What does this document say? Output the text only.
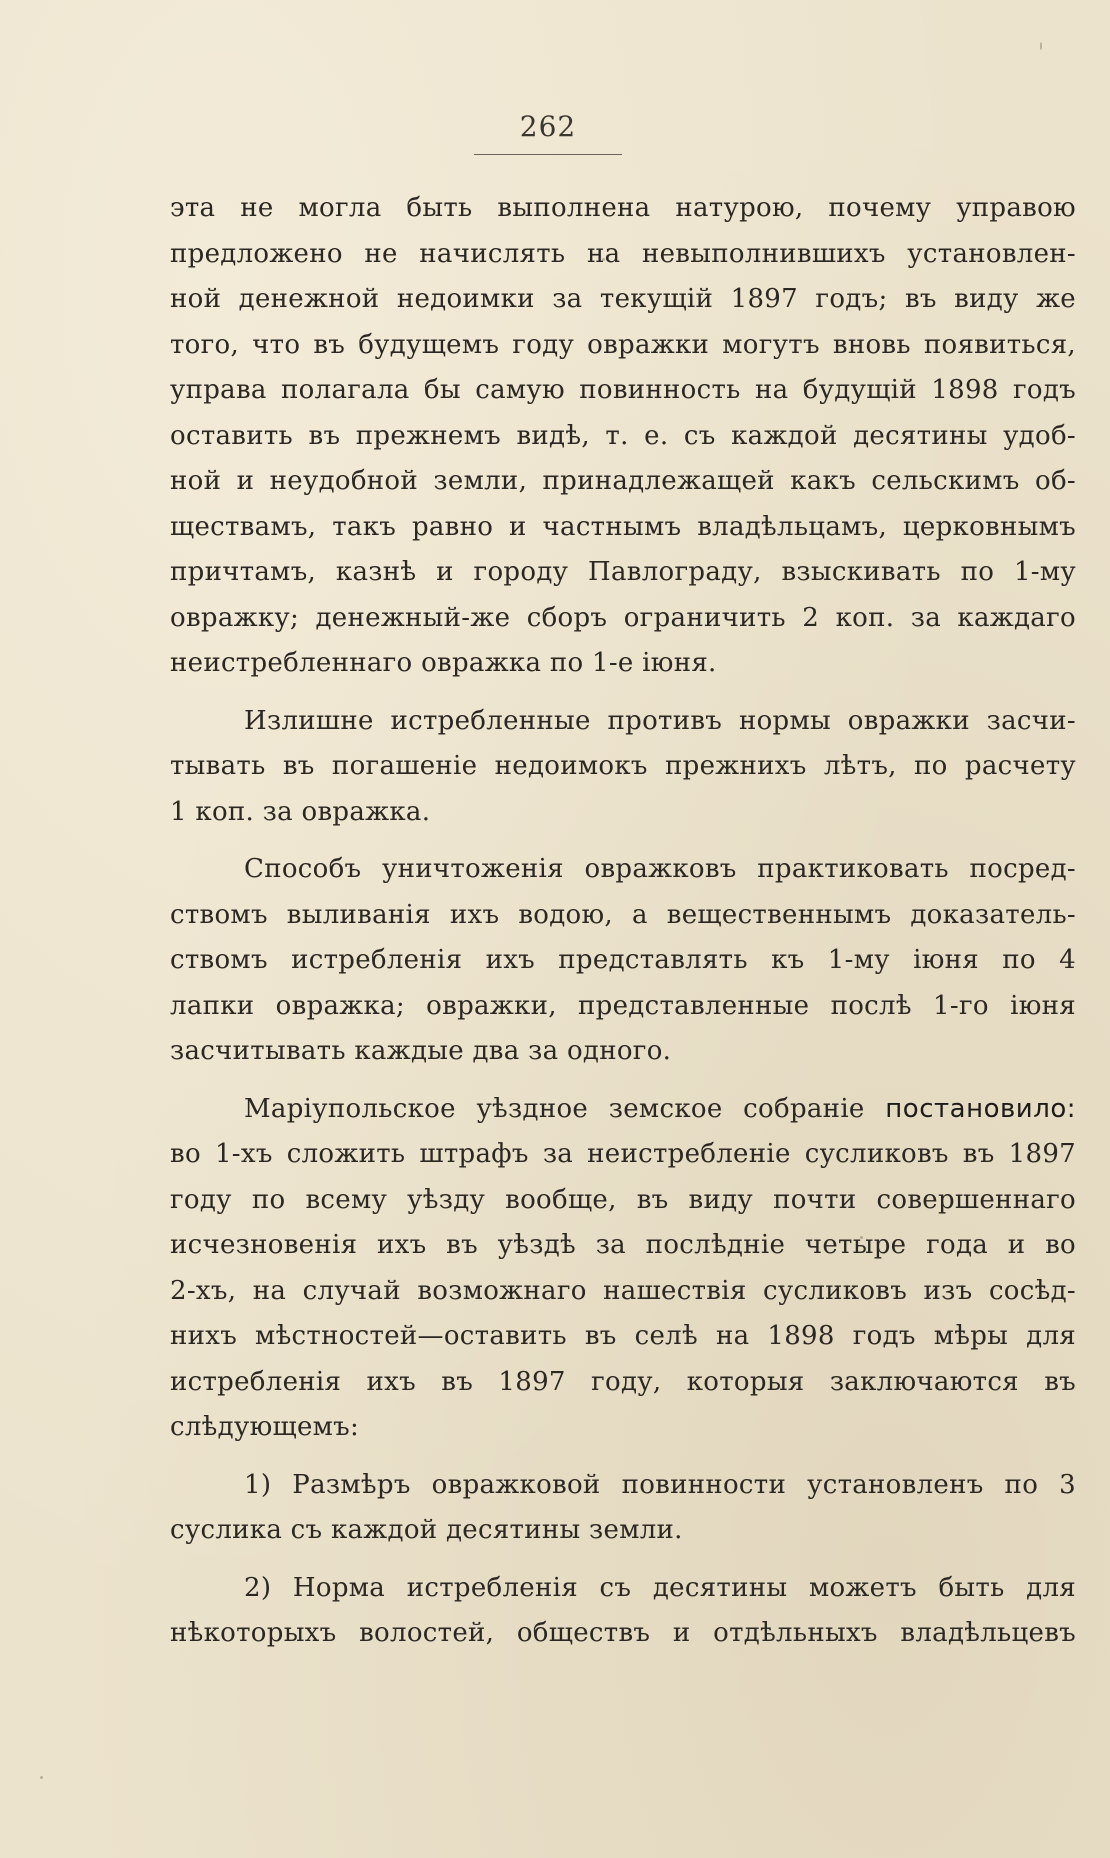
262
эта не могла быть выполнена натурою, почему управою
предложено не начислять на невыполнившихъ установлен-
ной денежной недоимки за текущій 1897 годъ; въ виду же
того, что въ будущемъ году овражки могутъ вновь появиться,
управа полагала бы самую повинность на будущій 1898 годъ
оставить въ прежнемъ видѣ, т. е. съ каждой десятины удоб-
ной и неудобной земли, принадлежащей какъ сельскимъ об-
ществамъ, такъ равно и частнымъ владѣльцамъ, церковнымъ
причтамъ, казнѣ и городу Павлограду, взыскивать по 1-му
овражку; денежный-же сборъ ограничить 2 коп. за каждаго
неистребленнаго овражка по 1-е іюня.
Излишне истребленные противъ нормы овражки засчи-
тывать въ погашеніе недоимокъ прежнихъ лѣтъ, по расчету
1 коп. за овражка.
Способъ уничтоженія овражковъ практиковать посред-
ствомъ выливанія ихъ водою, а вещественнымъ доказатель-
ствомъ истребленія ихъ представлять къ 1-му іюня по 4
лапки овражка; овражки, представленные послѣ 1-го іюня
засчитывать каждые два за одного.
Маріупольское уѣздное земское собраніе постановило:
во 1-хъ сложить штрафъ за неистребленіе сусликовъ въ 1897
году по всему уѣзду вообще, въ виду почти совершеннаго
исчезновенія ихъ въ уѣздѣ за послѣдніе четыре года и во
2-хъ, на случай возможнаго нашествія сусликовъ изъ сосѣд-
нихъ мѣстностей—оставить въ селѣ на 1898 годъ мѣры для
истребленія ихъ въ 1897 году, которыя заключаются въ
слѣдующемъ:
1) Размѣръ овражковой повинности установленъ по 3
суслика съ каждой десятины земли.
2) Норма истребленія съ десятины можетъ быть для
нѣкоторыхъ волостей, обществъ и отдѣльныхъ владѣльцевъ
